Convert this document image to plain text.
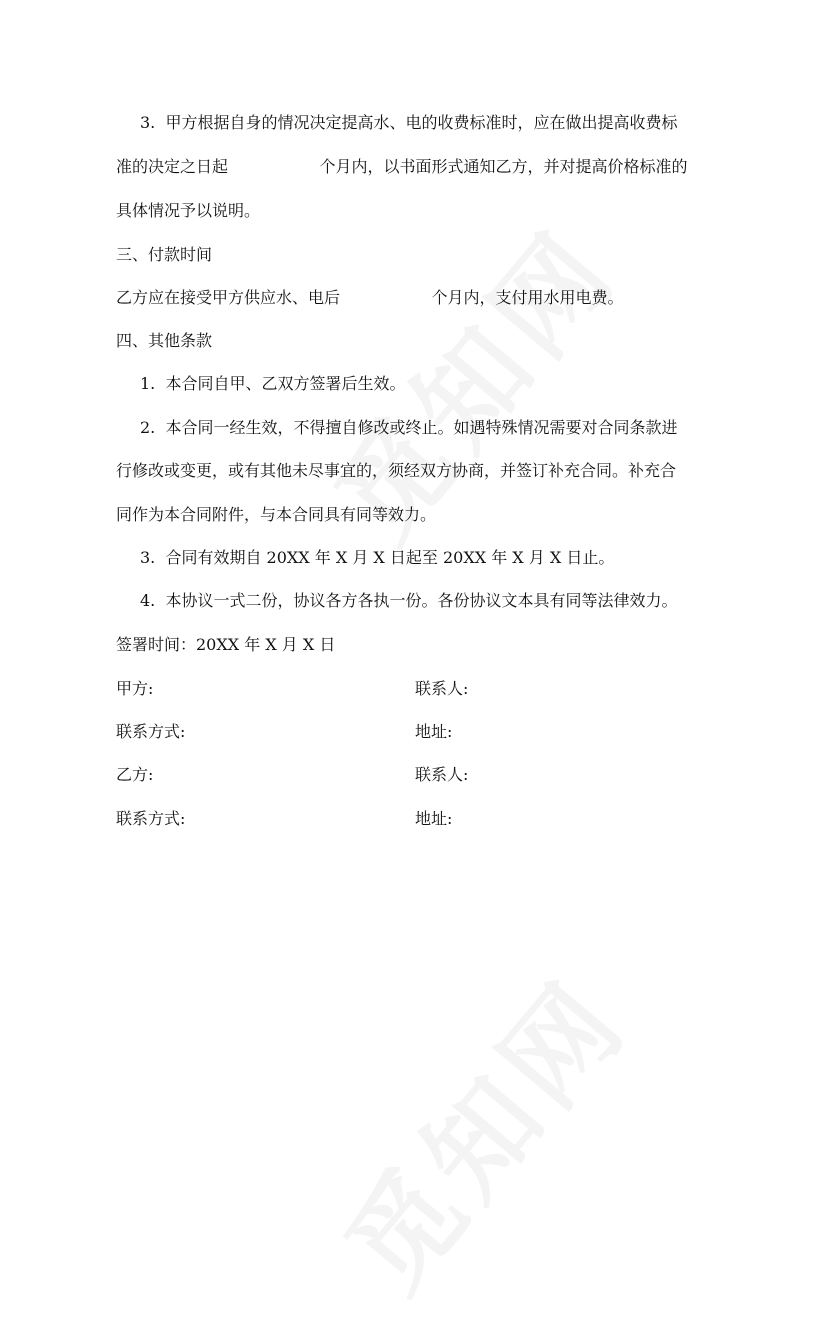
3.  甲方根据自身的情况决定提高水、电的收费标准时，应在做出提高收费标
准的决定之日起                  个月内，以书面形式通知乙方，并对提高价格标准的
具体情况予以说明。
三、付款时间
乙方应在接受甲方供应水、电后                  个月内，支付用水用电费。
四、其他条款
1.  本合同自甲、乙双方签署后生效。
2.  本合同一经生效，不得擅自修改或终止。如遇特殊情况需要对合同条款进
行修改或变更，或有其他未尽事宜的，须经双方协商，并签订补充合同。补充合
同作为本合同附件，与本合同具有同等效力。
3.  合同有效期自 20XX 年 X 月 X 日起至 20XX 年 X 月 X 日止。
4.  本协议一式二份，协议各方各执一份。各份协议文本具有同等法律效力。
签署时间：20XX 年 X 月 X 日
甲方:	联系人:
联系方式:	地址:
乙方:	联系人:
联系方式:	地址:
